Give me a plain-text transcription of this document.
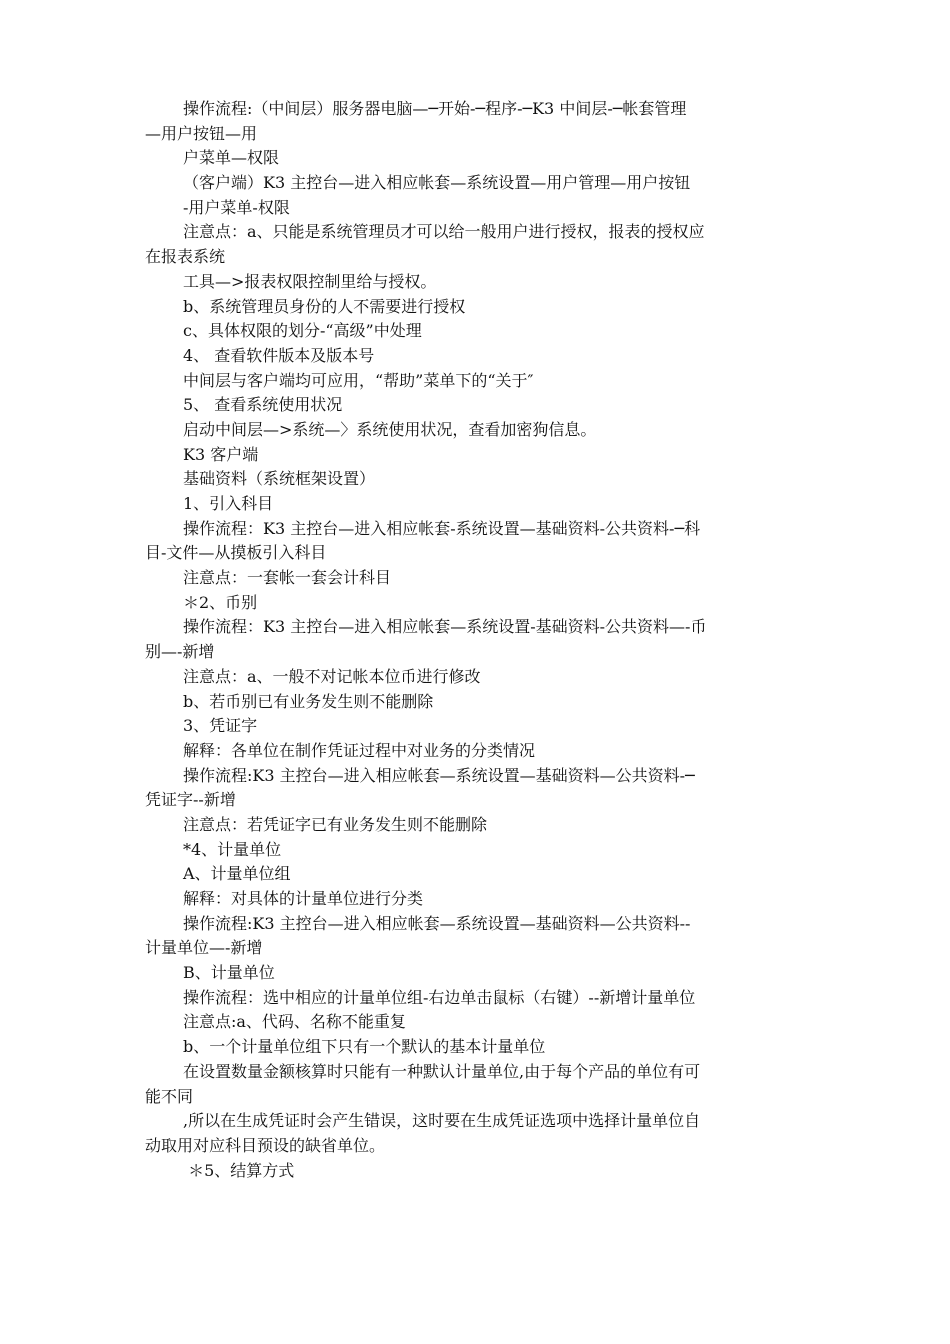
操作流程:（中间层）服务器电脑—─开始-─程序-─K3 中间层-─帐套管理
—用户按钮—用
户菜单—权限
（客户端）K3 主控台—进入相应帐套—系统设置—用户管理—用户按钮
-用户菜单-权限
注意点：a、只能是系统管理员才可以给一般用户进行授权，报表的授权应
在报表系统
工具—>报表权限控制里给与授权。
b、系统管理员身份的人不需要进行授权
c、具体权限的划分-“高级”中处理
4、 查看软件版本及版本号
中间层与客户端均可应用，“帮助”菜单下的“关于″
5、 查看系统使用状况
启动中间层—>系统—〉系统使用状况，查看加密狗信息。
K3 客户端
基础资料（系统框架设置）
1、引入科目
操作流程：K3 主控台—进入相应帐套-系统设置—基础资料-公共资料-─科
目-文件—从摸板引入科目
注意点：一套帐一套会计科目
＊2、币别
操作流程：K3 主控台—进入相应帐套—系统设置-基础资料-公共资料—-币
别—-新增
注意点：a、一般不对记帐本位币进行修改
b、若币别已有业务发生则不能删除
3、凭证字
解释：各单位在制作凭证过程中对业务的分类情况
操作流程:K3 主控台—进入相应帐套—系统设置—基础资料—公共资料-─
凭证字--新增
注意点：若凭证字已有业务发生则不能删除
*4、计量单位
A、计量单位组
解释：对具体的计量单位进行分类
操作流程:K3 主控台—进入相应帐套—系统设置—基础资料—公共资料--
计量单位—-新增
B、计量单位
操作流程：选中相应的计量单位组-右边单击鼠标（右键）--新增计量单位
注意点:a、代码、名称不能重复
b、一个计量单位组下只有一个默认的基本计量单位
在设置数量金额核算时只能有一种默认计量单位,由于每个产品的单位有可
能不同
,所以在生成凭证时会产生错误，这时要在生成凭证选项中选择计量单位自
动取用对应科目预设的缺省单位。
＊5、结算方式
